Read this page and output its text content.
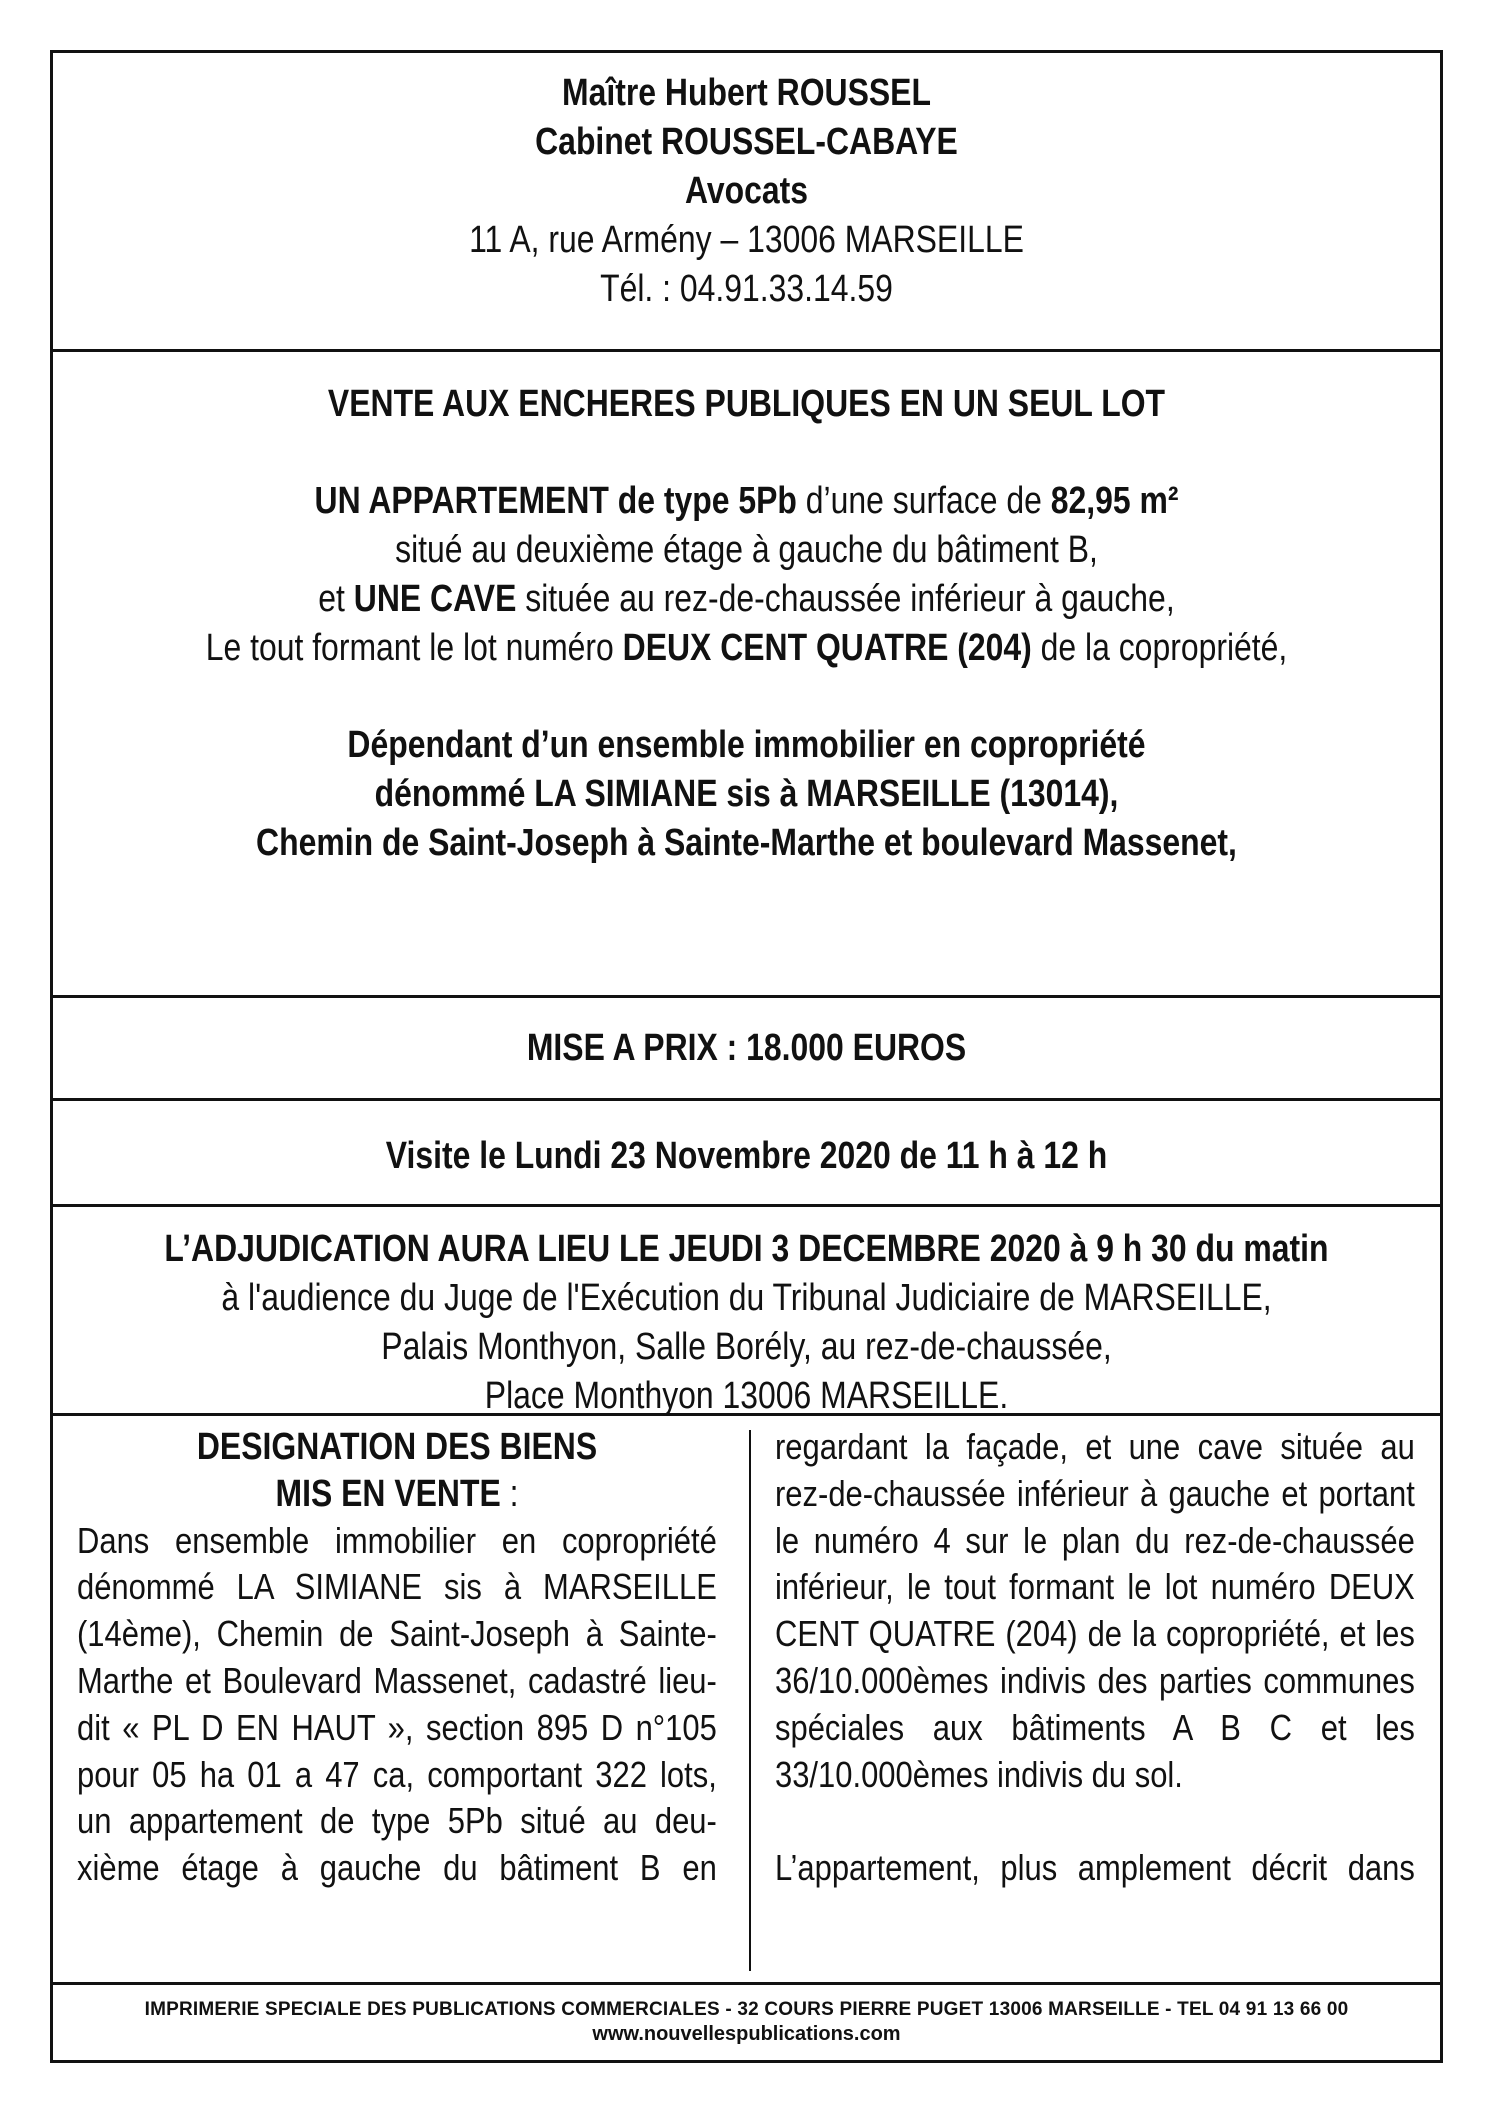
Maître Hubert ROUSSEL
Cabinet ROUSSEL-CABAYE
Avocats
11 A, rue Armény – 13006 MARSEILLE
Tél. : 04.91.33.14.59
VENTE AUX ENCHERES PUBLIQUES EN UN SEUL LOT
UN APPARTEMENT de type 5Pb d’une surface de 82,95 m²
situé au deuxième étage à gauche du bâtiment B,
et UNE CAVE située au rez-de-chaussée inférieur à gauche,
Le tout formant le lot numéro DEUX CENT QUATRE (204) de la copropriété,
Dépendant d’un ensemble immobilier en copropriété
dénommé LA SIMIANE sis à MARSEILLE (13014),
Chemin de Saint-Joseph à Sainte-Marthe et boulevard Massenet,
MISE A PRIX : 18.000 EUROS
Visite le Lundi 23 Novembre 2020 de 11 h à 12 h
L’ADJUDICATION AURA LIEU LE JEUDI 3 DECEMBRE 2020 à 9 h 30 du matin
à l'audience du Juge de l'Exécution du Tribunal Judiciaire de MARSEILLE,
Palais Monthyon, Salle Borély, au rez-de-chaussée,
Place Monthyon 13006 MARSEILLE.
DESIGNATION DES BIENS
MIS EN VENTE :
Dans ensemble immobilier en copropriété
dénommé LA SIMIANE sis à MARSEILLE
(14ème), Chemin de Saint-Joseph à Sainte-
Marthe et Boulevard Massenet, cadastré lieu-
dit « PL D EN HAUT », section 895 D n°105
pour 05 ha 01 a 47 ca, comportant 322 lots,
un appartement de type 5Pb situé au deu-
xième étage à gauche du bâtiment B en
regardant la façade, et une cave située au
rez-de-chaussée inférieur à gauche et portant
le numéro 4 sur le plan du rez-de-chaussée
inférieur, le tout formant le lot numéro DEUX
CENT QUATRE (204) de la copropriété, et les
36/10.000èmes indivis des parties communes
spéciales aux bâtiments A B C et les
33/10.000èmes indivis du sol.
L’appartement, plus amplement décrit dans
IMPRIMERIE SPECIALE DES PUBLICATIONS COMMERCIALES - 32 COURS PIERRE PUGET 13006 MARSEILLE - TEL 04 91 13 66 00
www.nouvellespublications.com
